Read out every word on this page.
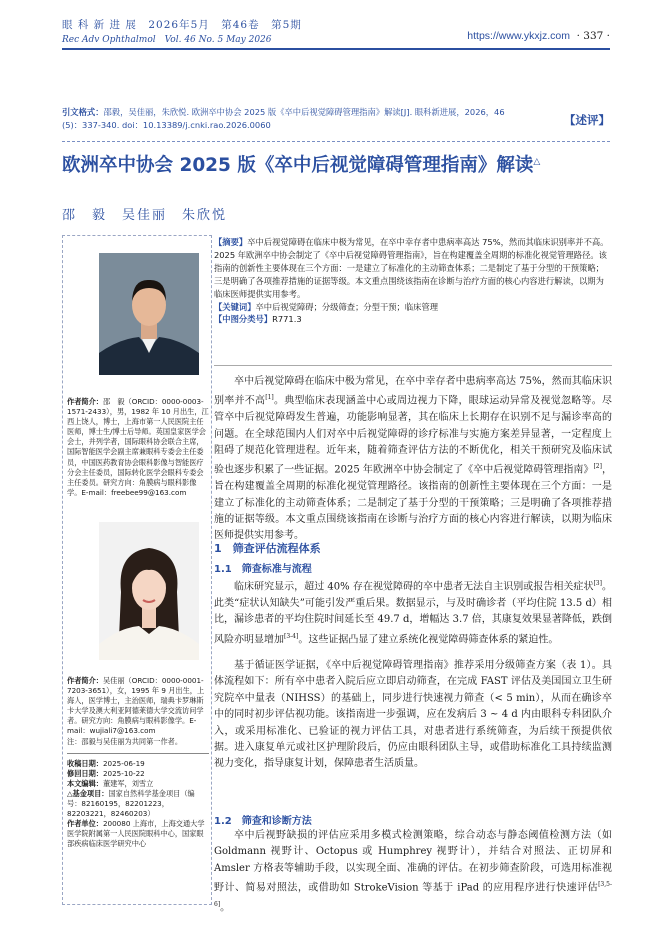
眼 科 新 进 展　2026年5月　第46卷　第5期
Rec Adv Ophthalmol　Vol. 46 No. 5 May 2026	https://www.ykxjz.com · 337 ·
引文格式：邵毅，吴佳丽，朱欣悦. 欧洲卒中协会 2025 版《卒中后视觉障碍管理指南》解读[J]. 眼科新进展，2026，46 (5)：337-340. doi：10.13389/j.cnki.rao.2026.0060	【述评】
欧洲卒中协会 2025 版《卒中后视觉障碍管理指南》解读△
邵　毅　吴佳丽　朱欣悦
作者简介：邵　毅（ORCID：0000-0003-1571-2433），男，1982 年 10 月出生，江西上饶人，博士，上海市第一人民医院主任医师，博士生/博士后导师。英国皇家医学会会士，并列学者，国际眼科协会联合主席，国际智能医学会副主席兼眼科专委会主任委员，中国医药教育协会眼科影像与智能医疗分会主任委员，国际转化医学会眼科专委会主任委员。研究方向：角膜病与眼科影像学。E-mail：freebee99@163.com
作者简介：吴佳丽（ORCID：0000-0001-7203-3651），女，1995 年 9 月出生，上海人，医学博士，主治医师，瑞典卡罗琳斯卡大学及澳大利亚阿德莱德大学交流访问学者。研究方向：角膜病与眼科影像学。E-mail：wujiali7@163.com
注：邵毅与吴佳丽为共同第一作者。
收稿日期：2025-06-19
修回日期：2025-10-22
本文编辑：董建军，刘雪立
△基金项目：国家自然科学基金项目（编号：82160195，82201223，82203221，82460203）
作者单位：200080 上海市，上海交通大学医学院附属第一人民医院眼科中心，国家眼部疾病临床医学研究中心
【摘要】卒中后视觉障碍在临床中极为常见，在卒中幸存者中患病率高达 75%，然而其临床识别率并不高。2025 年欧洲卒中协会制定了《卒中后视觉障碍管理指南》，旨在构建覆盖全周期的标准化视觉管理路径。该指南的创新性主要体现在三个方面：一是建立了标准化的主动筛查体系；二是制定了基于分型的干预策略；三是明确了各项推荐措施的证据等级。本文重点围绕该指南在诊断与治疗方面的核心内容进行解读，以期为临床医师提供实用参考。
【关键词】卒中后视觉障碍；分级筛查；分型干预；临床管理
【中图分类号】R771.3
卒中后视觉障碍在临床中极为常见，在卒中幸存者中患病率高达 75%，然而其临床识别率并不高[1]。典型临床表现涵盖中心或周边视力下降，眼球运动异常及视觉忽略等。尽管卒中后视觉障碍发生普遍，功能影响显著，其在临床上长期存在识别不足与漏诊率高的问题。在全球范围内人们对卒中后视觉障碍的诊疗标准与实施方案差异显著，一定程度上阻碍了规范化管理进程。近年来，随着筛查评估方法的不断优化，相关干预研究及临床试验也逐步积累了一些证据。2025 年欧洲卒中协会制定了《卒中后视觉障碍管理指南》[2]，旨在构建覆盖全周期的标准化视觉管理路径。该指南的创新性主要体现在三个方面：一是建立了标准化的主动筛查体系；二是制定了基于分型的干预策略；三是明确了各项推荐措施的证据等级。本文重点围绕该指南在诊断与治疗方面的核心内容进行解读，以期为临床医师提供实用参考。
1　筛查评估流程体系
1.1　筛查标准与流程
临床研究显示，超过 40% 存在视觉障碍的卒中患者无法自主识别或报告相关症状[3]。此类“症状认知缺失”可能引发严重后果。数据显示，与及时确诊者（平均住院 13.5 d）相比，漏诊患者的平均住院时间延长至 49.7 d，增幅达 3.7 倍，其康复效果显著降低，跌倒风险亦明显增加[3-4]。这些证据凸显了建立系统化视觉障碍筛查体系的紧迫性。
基于循证医学证据，《卒中后视觉障碍管理指南》推荐采用分级筛查方案（表 1）。具体流程如下：所有卒中患者入院后应立即启动筛查，在完成 FAST 评估及美国国立卫生研究院卒中量表（NIHSS）的基础上，同步进行快速视力筛查（< 5 min），从而在确诊卒中的同时初步评估视功能。该指南进一步强调，应在发病后 3 ~ 4 d 内由眼科专科团队介入，或采用标准化、已验证的视力评估工具，对患者进行系统筛查，为后续干预提供依据。进入康复单元或社区护理阶段后，仍应由眼科团队主导，或借助标准化工具持续监测视力变化，指导康复计划，保障患者生活质量。
1.2　筛查和诊断方法
卒中后视野缺损的评估应采用多模式检测策略，综合动态与静态阈值检测方法（如 Goldmann 视野计、Octopus 或 Humphrey 视野计），并结合对照法、正切屏和 Amsler 方格表等辅助手段，以实现全面、准确的评估。在初步筛查阶段，可选用标准视野计、简易对照法，或借助如 StrokeVision 等基于 iPad 的应用程序进行快速评估[3,5-6]。
